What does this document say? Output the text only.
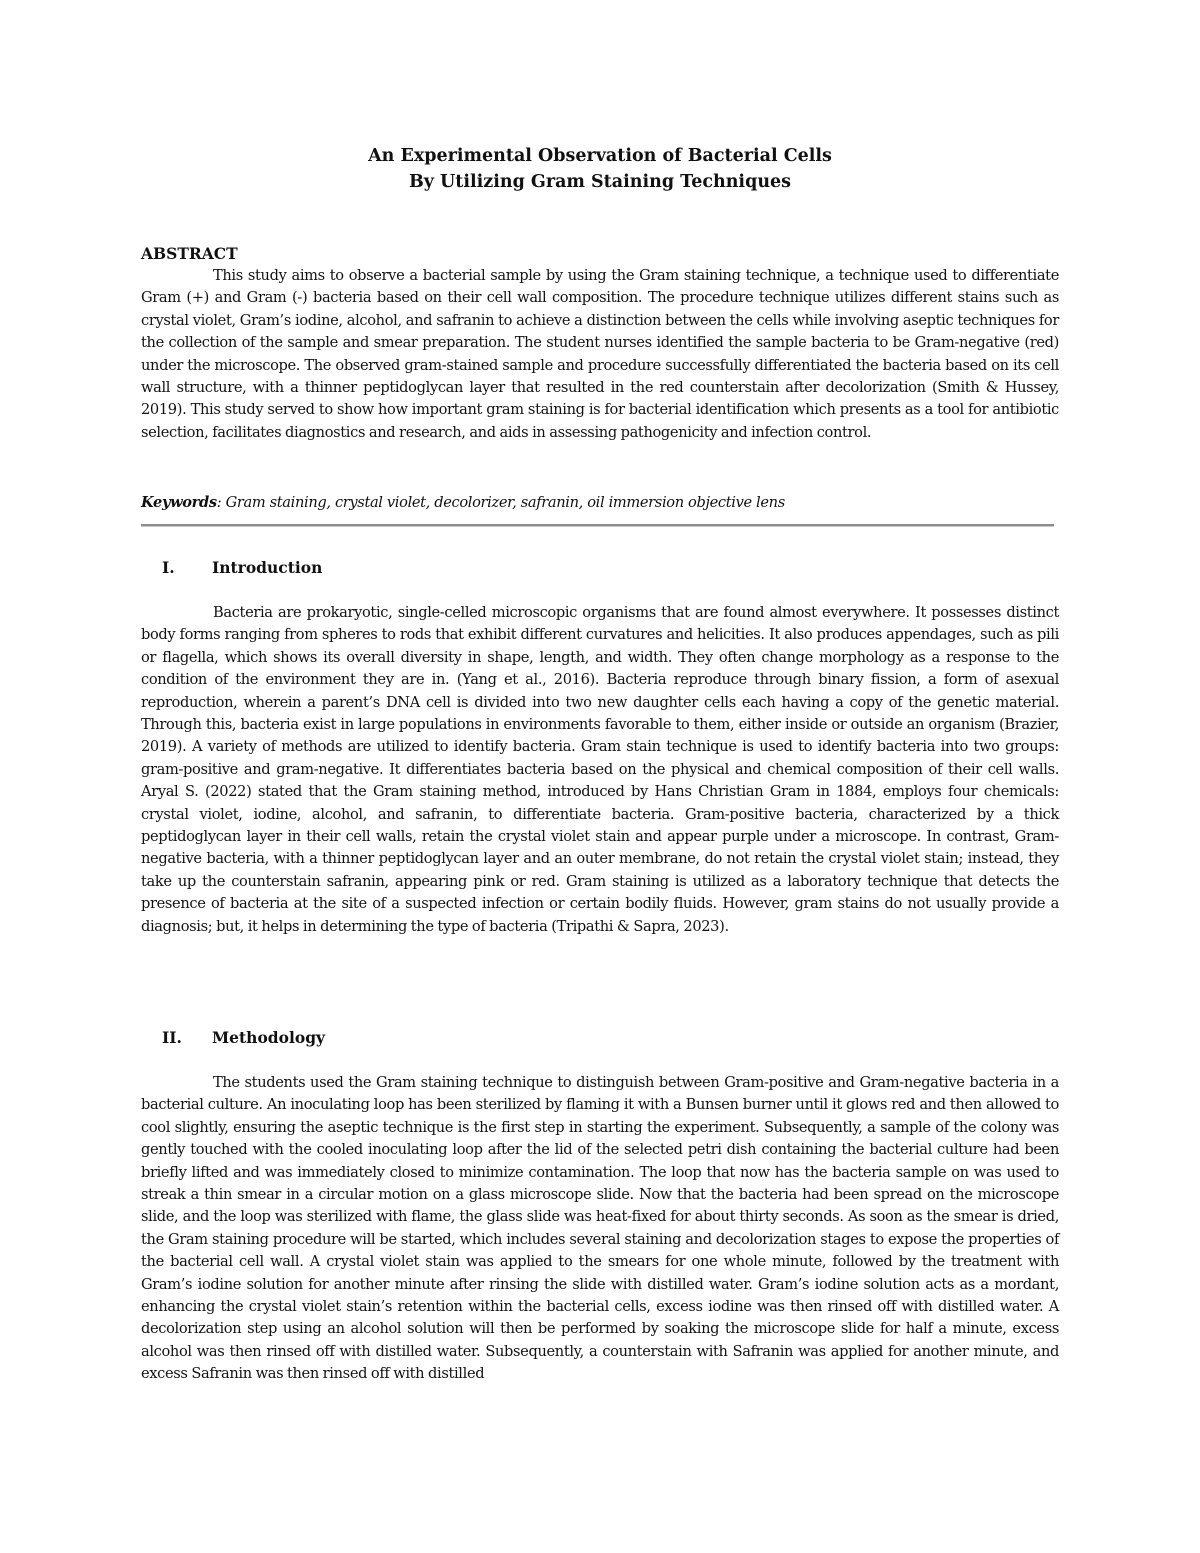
An Experimental Observation of Bacterial Cells
By Utilizing Gram Staining Techniques
ABSTRACT

This study aims to observe a bacterial sample by using the Gram staining technique, a technique used to differentiate Gram (+) and Gram (-) bacteria based on their cell wall composition. The procedure technique utilizes different stains such as crystal violet, Gram’s iodine, alcohol, and safranin to achieve a distinction between the cells while involving aseptic techniques for the collection of the sample and smear preparation. The student nurses identified the sample bacteria to be Gram-negative (red) under the microscope. The observed gram-stained sample and procedure successfully differentiated the bacteria based on its cell wall structure, with a thinner peptidoglycan layer that resulted in the red counterstain after decolorization (Smith & Hussey, 2019). This study served to show how important gram staining is for bacterial identification which presents as a tool for antibiotic selection, facilitates diagnostics and research, and aids in assessing pathogenicity and infection control.

Keywords: Gram staining, crystal violet, decolorizer, safranin, oil immersion objective lens
I. Introduction

Bacteria are prokaryotic, single-celled microscopic organisms that are found almost everywhere. It possesses distinct body forms ranging from spheres to rods that exhibit different curvatures and helicities. It also produces appendages, such as pili or flagella, which shows its overall diversity in shape, length, and width. They often change morphology as a response to the condition of the environment they are in. (Yang et al., 2016). Bacteria reproduce through binary fission, a form of asexual reproduction, wherein a parent’s DNA cell is divided into two new daughter cells each having a copy of the genetic material. Through this, bacteria exist in large populations in environments favorable to them, either inside or outside an organism (Brazier, 2019). A variety of methods are utilized to identify bacteria. Gram stain technique is used to identify bacteria into two groups: gram-positive and gram-negative. It differentiates bacteria based on the physical and chemical composition of their cell walls. Aryal S. (2022) stated that the Gram staining method, introduced by Hans Christian Gram in 1884, employs four chemicals: crystal violet, iodine, alcohol, and safranin, to differentiate bacteria. Gram-positive bacteria, characterized by a thick peptidoglycan layer in their cell walls, retain the crystal violet stain and appear purple under a microscope. In contrast, Gram-negative bacteria, with a thinner peptidoglycan layer and an outer membrane, do not retain the crystal violet stain; instead, they take up the counterstain safranin, appearing pink or red. Gram staining is utilized as a laboratory technique that detects the presence of bacteria at the site of a suspected infection or certain bodily fluids. However, gram stains do not usually provide a diagnosis; but, it helps in determining the type of bacteria (Tripathi & Sapra, 2023).

II. Methodology

The students used the Gram staining technique to distinguish between Gram-positive and Gram-negative bacteria in a bacterial culture. An inoculating loop has been sterilized by flaming it with a Bunsen burner until it glows red and then allowed to cool slightly, ensuring the aseptic technique is the first step in starting the experiment. Subsequently, a sample of the colony was gently touched with the cooled inoculating loop after the lid of the selected petri dish containing the bacterial culture had been briefly lifted and was immediately closed to minimize contamination. The loop that now has the bacteria sample on was used to streak a thin smear in a circular motion on a glass microscope slide. Now that the bacteria had been spread on the microscope slide, and the loop was sterilized with flame, the glass slide was heat-fixed for about thirty seconds. As soon as the smear is dried, the Gram staining procedure will be started, which includes several staining and decolorization stages to expose the properties of the bacterial cell wall. A crystal violet stain was applied to the smears for one whole minute, followed by the treatment with Gram’s iodine solution for another minute after rinsing the slide with distilled water. Gram’s iodine solution acts as a mordant, enhancing the crystal violet stain’s retention within the bacterial cells, excess iodine was then rinsed off with distilled water. A decolorization step using an alcohol solution will then be performed by soaking the microscope slide for half a minute, excess alcohol was then rinsed off with distilled water. Subsequently, a counterstain with Safranin was applied for another minute, and excess Safranin was then rinsed off with distilled
